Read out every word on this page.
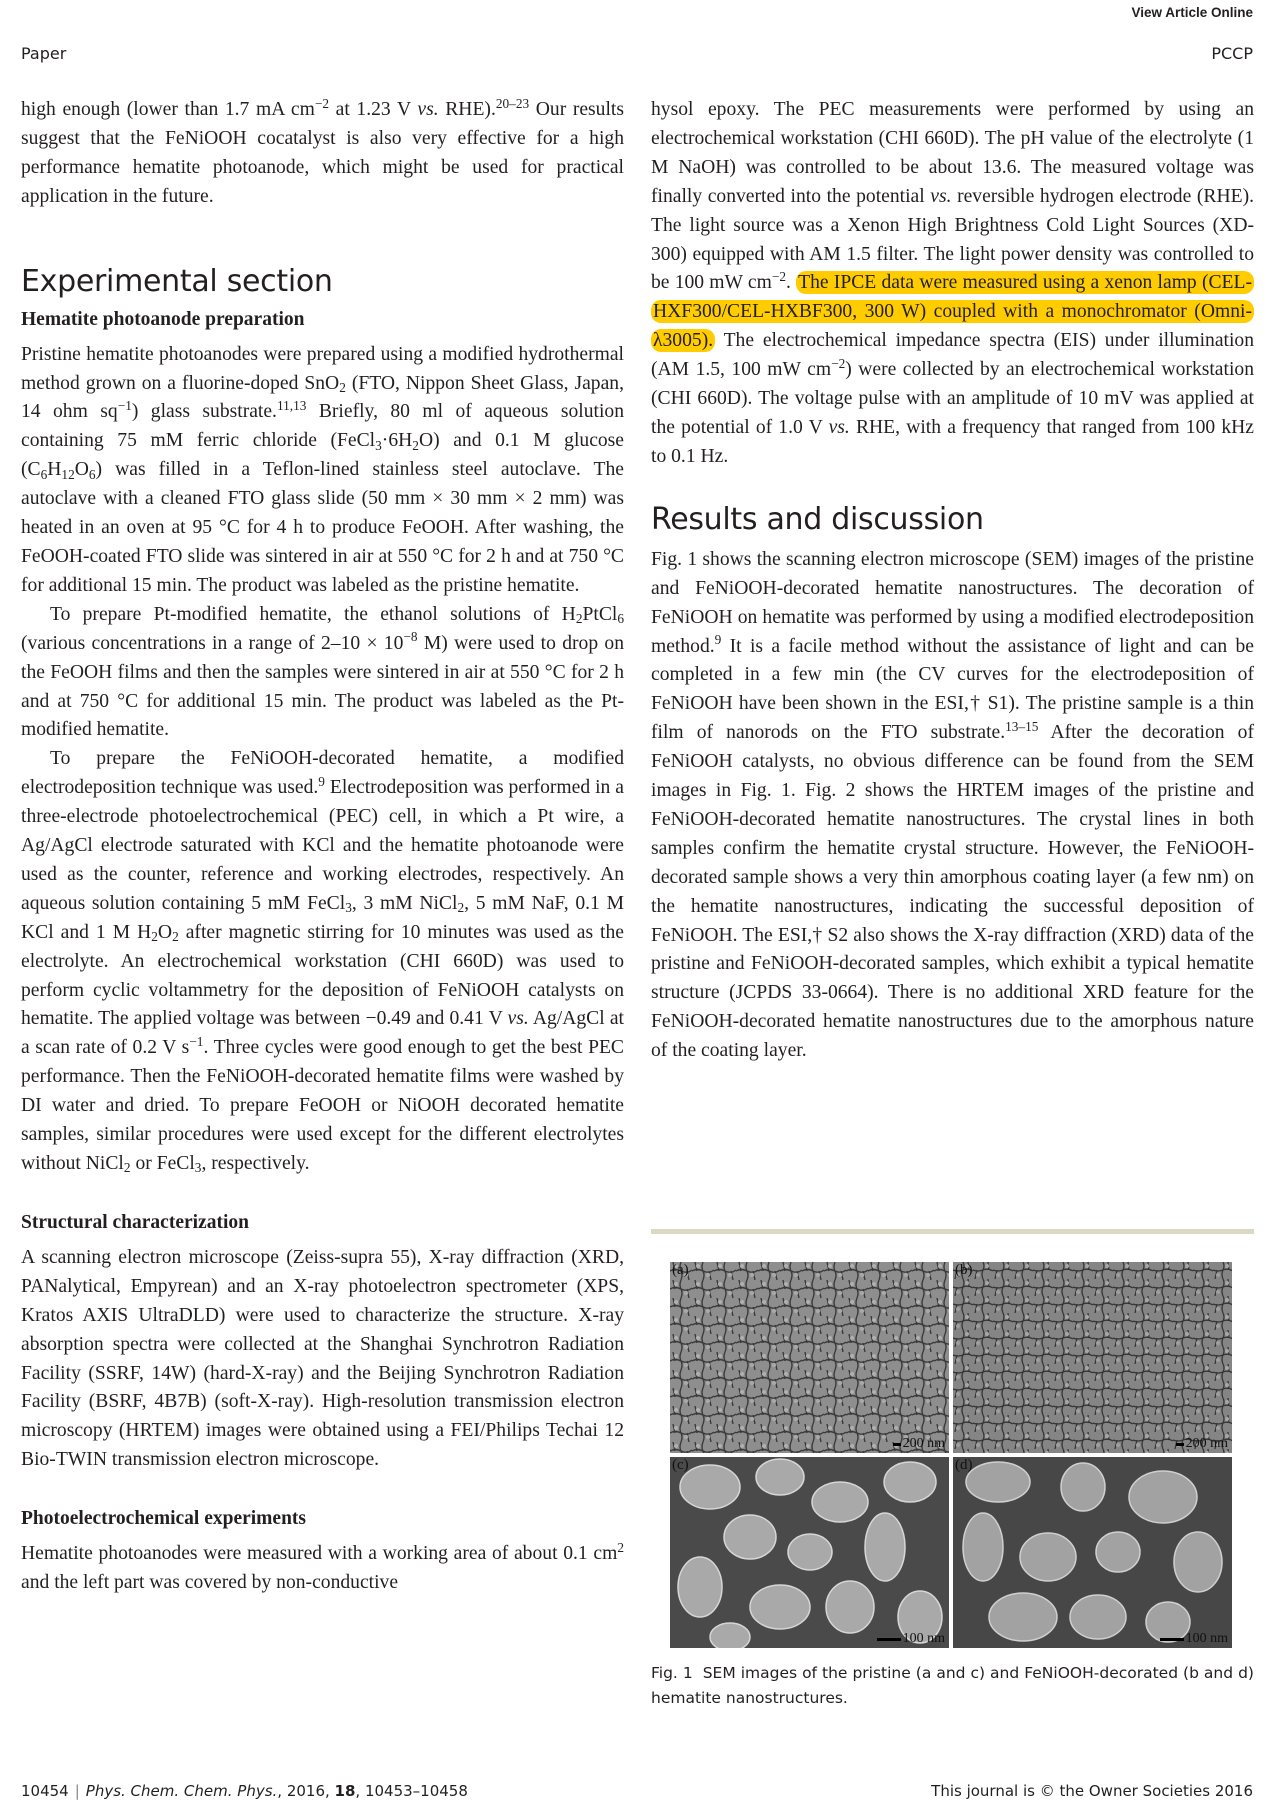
View Article Online
Paper	PCCP

high enough (lower than 1.7 mA $cm^{-2}$ at 1.23 V vs. RHE).$^{20-23}$ Our results suggest that the FeNiOOH cocatalyst is also very effective for a high performance hematite photoanode, which might be used for practical application in the future.

Experimental section
Hematite photoanode preparation

Pristine hematite photoanodes were prepared using a modified hydrothermal method grown on a fluorine-doped SnO$_2$ (FTO, Nippon Sheet Glass, Japan, 14 ohm $sq^{-1}$) glass substrate.$^{11,13}$ Briefly, 80 ml of aqueous solution containing 75 mM ferric chloride $(FeCl_3\cdot 6H_2O)$ and 0.1 M glucose $(C_6H_{12}O_6)$ was filled in a Teflon-lined stainless steel autoclave. The autoclave with a cleaned FTO glass slide (50 mm × 30 mm × 2 mm) was heated in an oven at 95 °C for 4 h to produce FeOOH. After washing, the FeOOH-coated FTO slide was sintered in air at 550 °C for 2 h and at 750 °C for additional 15 min. The product was labeled as the pristine hematite.

To prepare Pt-modified hematite, the ethanol solutions of $H_2PtCl_6$ (various concentrations in a range of $2-10 \times 10^{-8}$ M) were used to drop on the FeOOH films and then the samples were sintered in air at 550 °C for 2 h and at 750 °C for additional 15 min. The product was labeled as the Pt-modified hematite.

To prepare the FeNiOOH-decorated hematite, a modified electrodeposition technique was used.$^9$ Electrodeposition was performed in a three-electrode photoelectrochemical (PEC) cell, in which a Pt wire, a Ag/AgCl electrode saturated with KCl and the hematite photoanode were used as the counter, reference and working electrodes, respectively. An aqueous solution containing 5 mM FeCl$_3$, 3 mM NiCl$_2$, 5 mM NaF, 0.1 M KCl and 1 M $H_2O_2$ after magnetic stirring for 10 minutes was used as the electrolyte. An electrochemical workstation (CHI 660D) was used to perform cyclic voltammetry for the deposition of FeNiOOH catalysts on hematite. The applied voltage was between −0.49 and 0.41 V vs. Ag/AgCl at a scan rate of 0.2 V $s^{-1}$. Three cycles were good enough to get the best PEC performance. Then the FeNiOOH-decorated hematite films were washed by DI water and dried. To prepare FeOOH or NiOOH decorated hematite samples, similar procedures were used except for the different electrolytes without NiCl$_2$ or FeCl$_3$, respectively.

Structural characterization

A scanning electron microscope (Zeiss-supra 55), X-ray diffraction (XRD, PANalytical, Empyrean) and an X-ray photoelectron spectrometer (XPS, Kratos AXIS UltraDLD) were used to characterize the structure. X-ray absorption spectra were collected at the Shanghai Synchrotron Radiation Facility (SSRF, 14W) (hard-X-ray) and the Beijing Synchrotron Radiation Facility (BSRF, 4B7B) (soft-X-ray). High-resolution transmission electron microscopy (HRTEM) images were obtained using a FEI/Philips Techai 12 Bio-TWIN transmission electron microscope.

Photoelectrochemical experiments

Hematite photoanodes were measured with a working area of about 0.1 $cm^2$ and the left part was covered by non-conductive

hysol epoxy. The PEC measurements were performed by using an electrochemical workstation (CHI 660D). The pH value of the electrolyte (1 M NaOH) was controlled to be about 13.6. The measured voltage was finally converted into the potential vs. reversible hydrogen electrode (RHE). The light source was a Xenon High Brightness Cold Light Sources (XD-300) equipped with AM 1.5 filter. The light power density was controlled to be 100 mW $cm^{-2}$. The IPCE data were measured using a xenon lamp (CEL-HXF300/CEL-HXBF300, 300 W) coupled with a monochromator (Omni-λ3005). The electrochemical impedance spectra (EIS) under illumination (AM 1.5, 100 mW $cm^{-2}$) were collected by an electrochemical workstation (CHI 660D). The voltage pulse with an amplitude of 10 mV was applied at the potential of 1.0 V vs. RHE, with a frequency that ranged from 100 kHz to 0.1 Hz.

Results and discussion

Fig. 1 shows the scanning electron microscope (SEM) images of the pristine and FeNiOOH-decorated hematite nanostructures. The decoration of FeNiOOH on hematite was performed by using a modified electrodeposition method.$^9$ It is a facile method without the assistance of light and can be completed in a few min (the CV curves for the electrodeposition of FeNiOOH have been shown in the ESI,† S1). The pristine sample is a thin film of nanorods on the FTO substrate.$^{13-15}$ After the decoration of FeNiOOH catalysts, no obvious difference can be found from the SEM images in Fig. 1. Fig. 2 shows the HRTEM images of the pristine and FeNiOOH-decorated hematite nanostructures. The crystal lines in both samples confirm the hematite crystal structure. However, the FeNiOOH-decorated sample shows a very thin amorphous coating layer (a few nm) on the hematite nanostructures, indicating the successful deposition of FeNiOOH. The ESI,† S2 also shows the X-ray diffraction (XRD) data of the pristine and FeNiOOH-decorated samples, which exhibit a typical hematite structure (JCPDS 33-0664). There is no additional XRD feature for the FeNiOOH-decorated hematite nanostructures due to the amorphous nature of the coating layer.

(a)
200 nm
(b)
200 nm
(c)
100 nm
(d)
100 nm
Fig. 1 SEM images of the pristine (a and c) and FeNiOOH-decorated (b and d) hematite nanostructures.
10454 | Phys. Chem. Chem. Phys., 2016, 18, 10453–10458	This journal is © the Owner Societies 2016
